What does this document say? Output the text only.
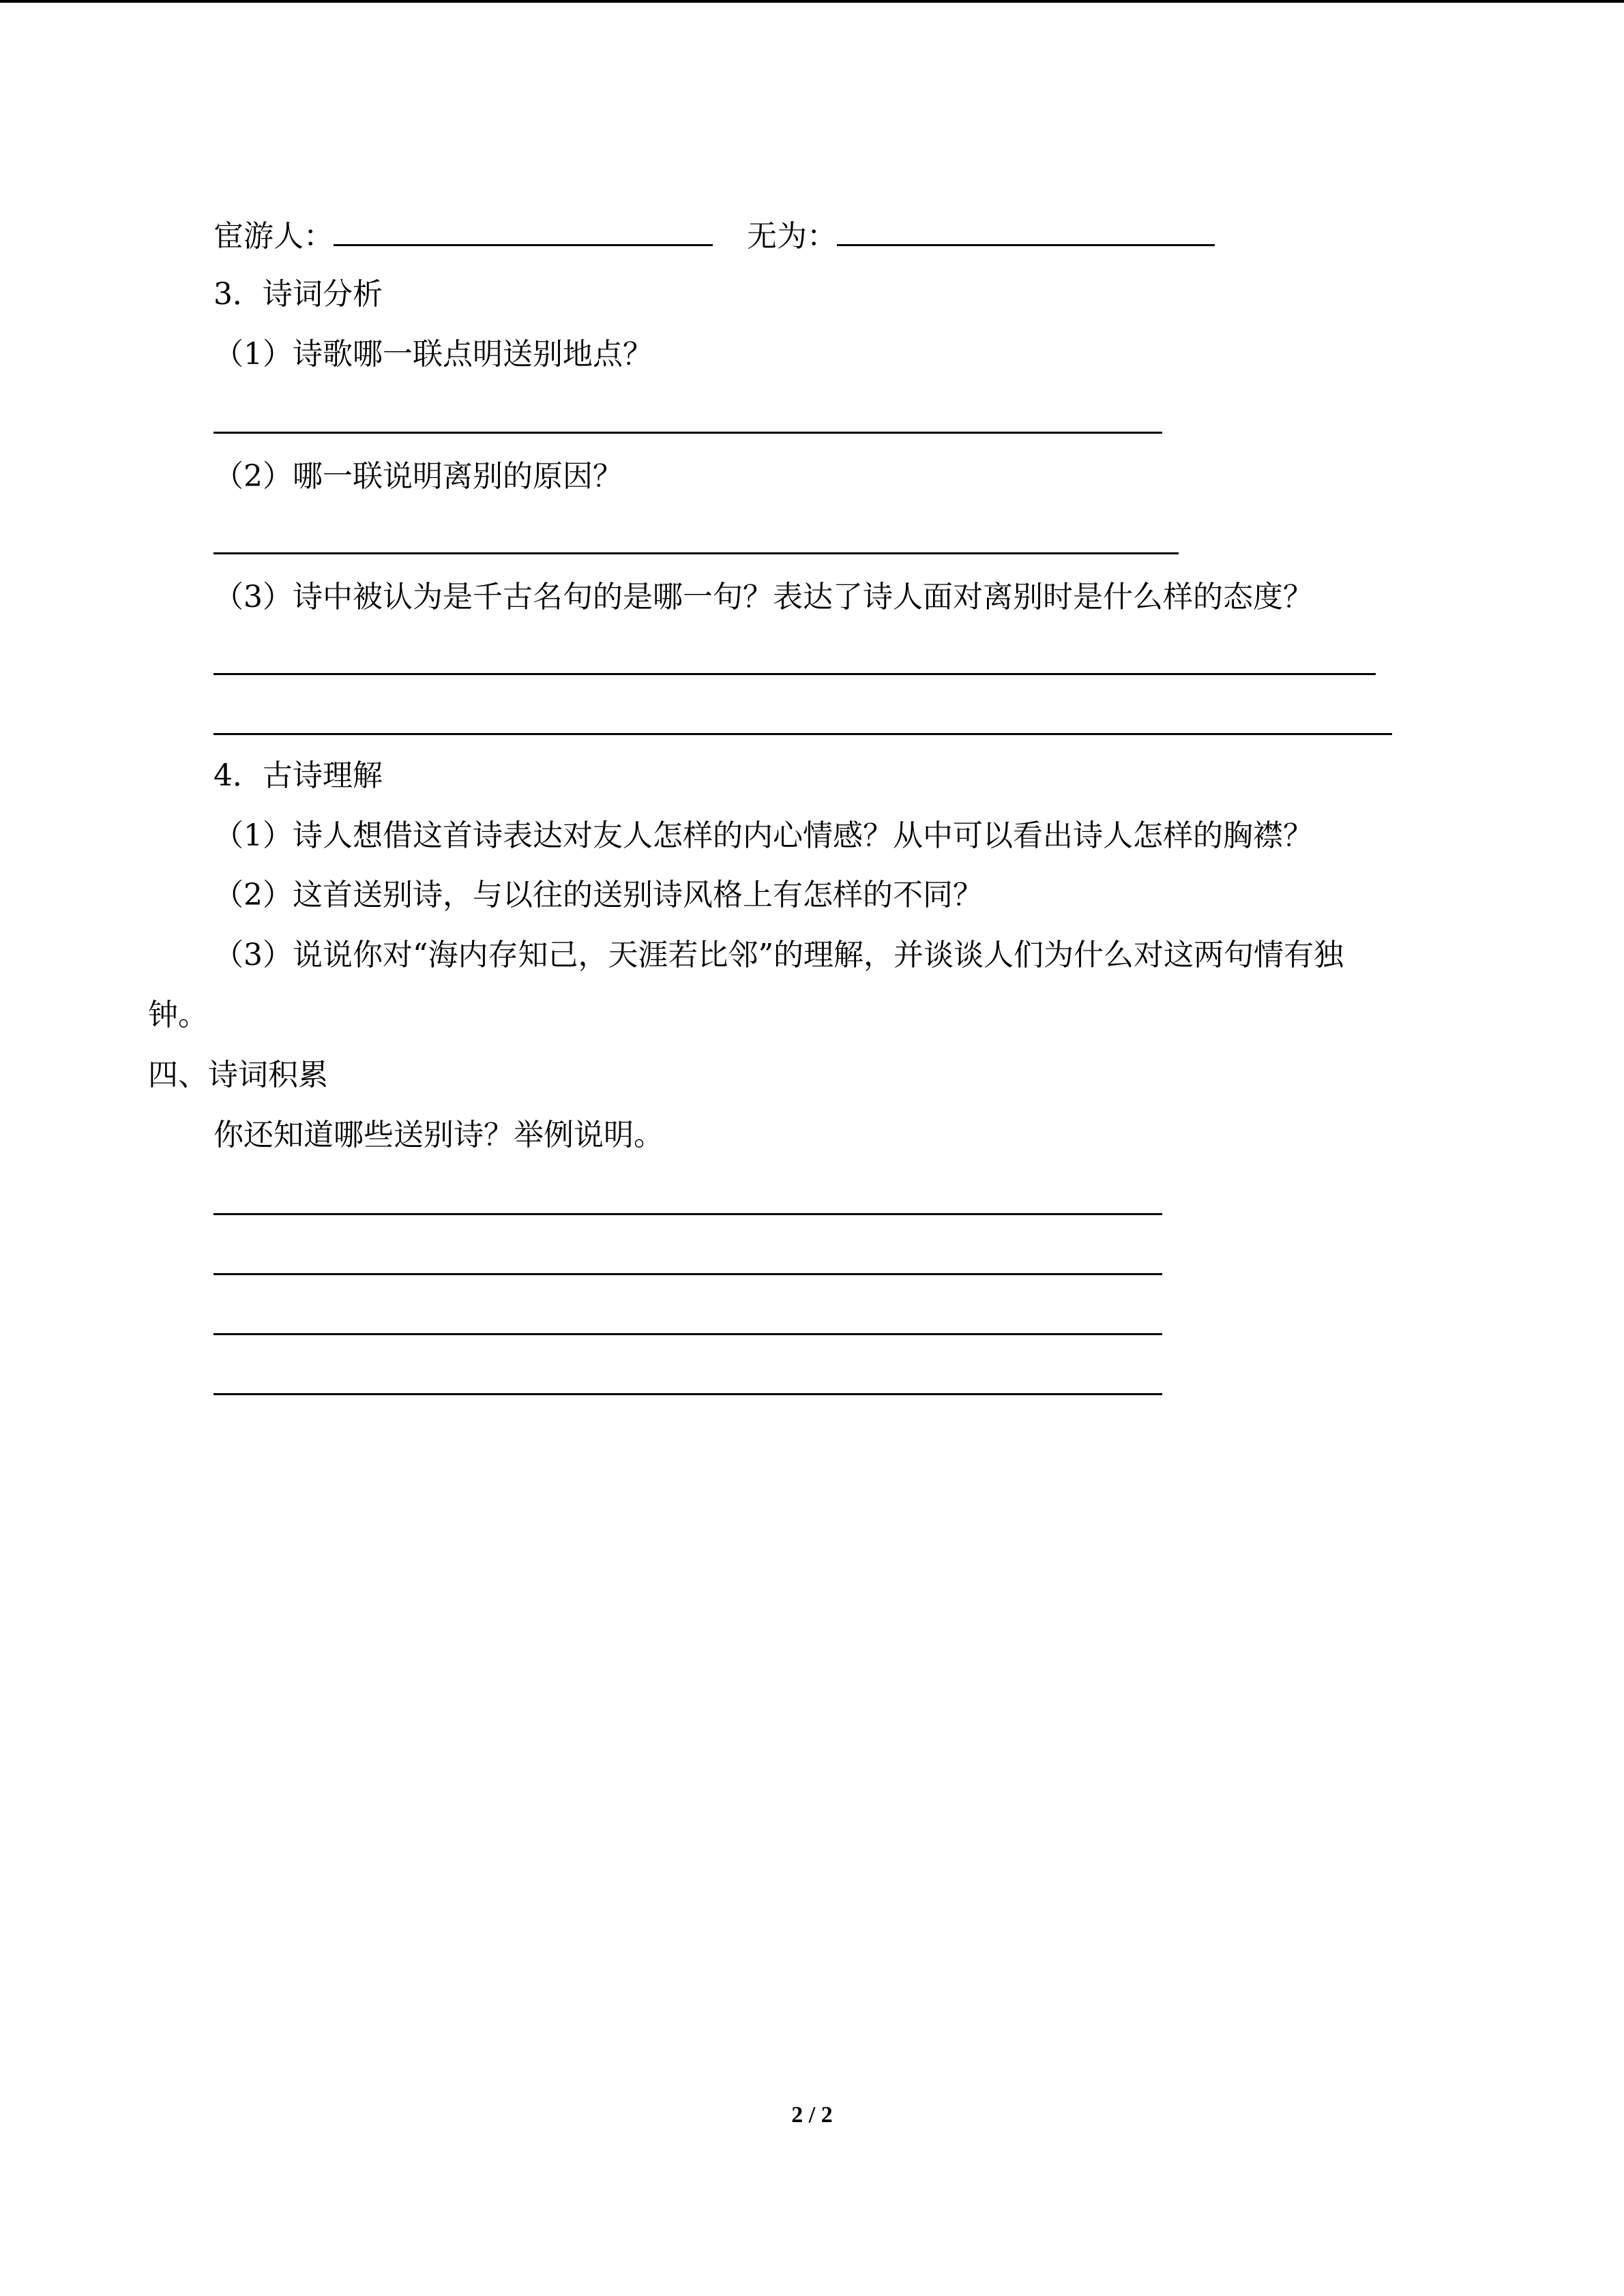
宦游人：	无为：
3．诗词分析
（1）诗歌哪一联点明送别地点？
（2）哪一联说明离别的原因？
（3）诗中被认为是千古名句的是哪一句？表达了诗人面对离别时是什么样的态度？
4．古诗理解
（1）诗人想借这首诗表达对友人怎样的内心情感？从中可以看出诗人怎样的胸襟？
（2）这首送别诗，与以往的送别诗风格上有怎样的不同？
（3）说说你对“海内存知己，天涯若比邻”的理解，并谈谈人们为什么对这两句情有独
钟。
四、诗词积累
你还知道哪些送别诗？举例说明。
2 / 2
